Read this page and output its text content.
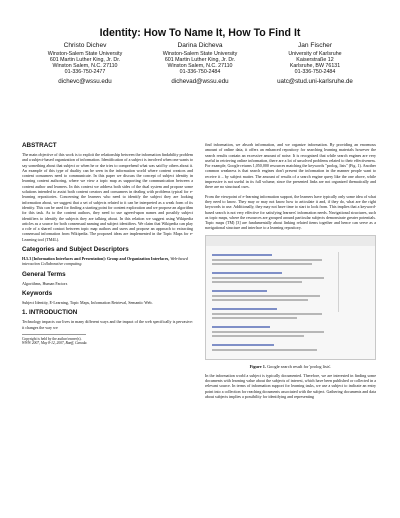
Identity: How To Name It, How To Find It
Christo Dichev
Winston-Salem State University
601 Martin Luther King, Jr. Dr.
Winston Salem, N.C. 27110
01-336-750-2477
dichevc@wssu.edu
Darina Dicheva
Winston-Salem State University
601 Martin Luther King, Jr. Dr.
Winston Salem, N.C. 27110
01-336-750-2484
dichevad@wssu.edu
Jan Fischer
University of Karlsruhe
Kaiserstraße 12
Karlsruhe, BW 76131
01-336-750-2484
uatc@stud.uni-karlsruhe.de
ABSTRACT
The main objective of this work is to exploit the relationship between the information findability problem and a subject-based organization of information. Identification of a subject is involved when one wants to say something about that subject or when he or she tries to comprehend what was said by others about it. An example of this type of duality can be seen in the information world where content creators and content consumers need to communicate. In this paper we discuss the concept of subject identity in learning content authoring, where we view a topic map as supporting the communication between a content author and learners. In this context we address both sides of the dual system and propose some solutions intended to assist both content creators and consumers in dealing with problems typical for e-learning repositories. Concerning the learners who need to identify the subject they are looking information about, we suggest that a set of subjects related to it can be interpreted as a weak form of its identity. This can be used for finding a starting point for content exploration and we propose an algorithm for this task. As to the content authors, they need to use agreed-upon names and possibly subject identifiers to identify the subjects they are talking about. In this relation we suggest using Wikipedia articles as a source for both consensual naming and subject identifiers. We claim that Wikipedia can play a role of a shared contact between topic map authors and users and propose an approach to extracting consensual information from Wikipedia. The proposed ideas are implemented in the Topic Maps for e-Learning tool (TM4L).
Categories and Subject Descriptors
H.5.3 [Information Interfaces and Presentation]: Group and Organization Interfaces, Web-based interaction Collaborative computing.
General Terms
Algorithms, Human Factors
Keywords
Subject Identity, E-Learning, Topic Maps, Information Retrieval, Semantic Web.
1. INTRODUCTION
Technology impacts our lives in many different ways and the impact of the web specifically is pervasive: it changes the way we
Copyright is held by the author/owner(s).
WWW 2007, May 8-12, 2007, Banff, Canada.
find information, we absorb information, and we organize information. By providing an enormous amount of online data, it offers an enhanced repository for searching learning materials however the search results contain an excessive amount of noise. It is recognized that while search engines are very useful in retrieving online information, there are a lot of unsolved problems related to their effectiveness. For example, Google returns 1,050,000 resources matching the keywords "prolog, lists" (Fig. 1). Another common weakness is that search engines don't present the information in the manner people want to receive it – by subject matter. The amount of results of a search engine query like the one above, while impressive is not useful in its full volume, since the presented links are not organized thematically and there are no structural cues.
From the viewpoint of e-learning information support, the learners have typically only some idea of what they need to know. They may or may not know how to articulate it and, if they do, what are the right keywords to use. Additionally, they may not have time to start to look from. This implies that a keyword-based search is not very effective for satisfying learners' information needs. Navigational structures, such as topic maps, where the resources are grouped around particular subjects demonstrate greater potentials. Topic maps (TM) [3] are fundamentally about linking related items together and hence can serve as a navigational structure and interface to a learning repository.
Figure 1. Google search result for 'prolog lists'.
In the information world a subject is typically documented. Therefore, we are interested in finding some documents with learning value about the subjects of interest, which have been published or collected in a relevant source. In terms of information support for learning tasks, we use a subject to indicate an entry point into a collection for reaching documents associated with the subject. Gathering documents and data about subjects implies a possibility for identifying and representing
